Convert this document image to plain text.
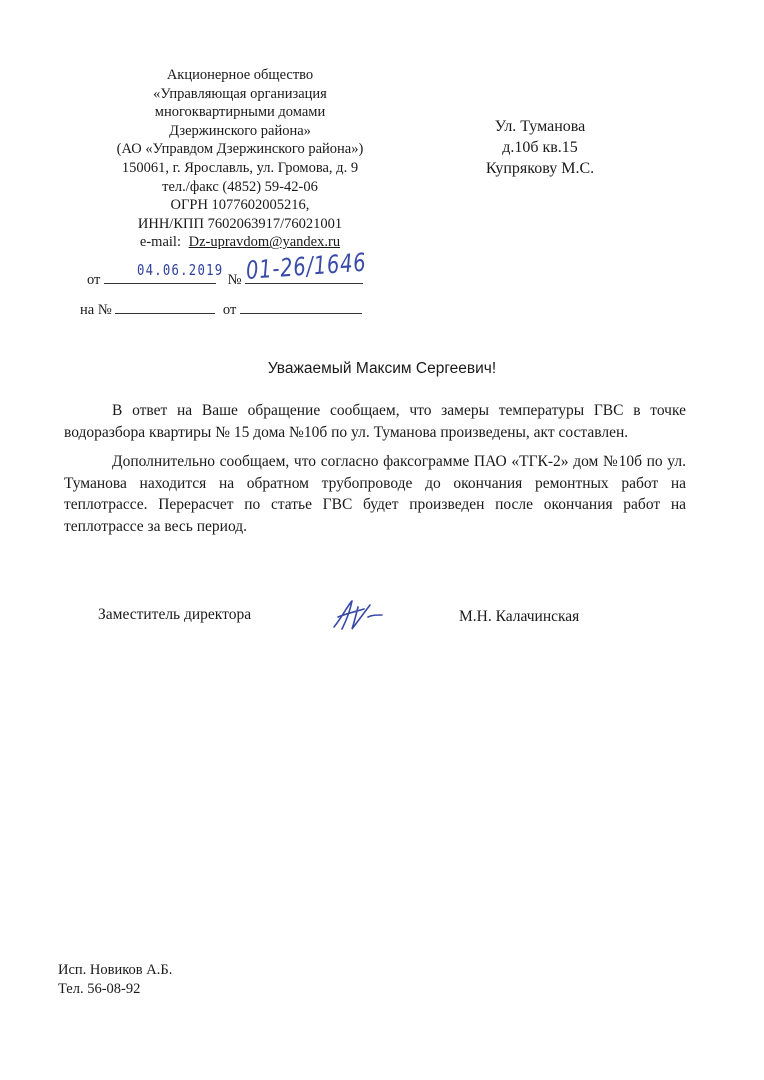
Акционерное общество
«Управляющая организация
многоквартирными домами
Дзержинского района»
(АО «Управдом Дзержинского района»)
150061, г. Ярославль, ул. Громова, д. 9
тел./факс (4852) 59-42-06
ОГРН 1077602005216,
ИНН/КПП 7602063917/76021001
e-mail: Dz-upravdom@yandex.ru
Ул. Туманова
д.10б кв.15
Купрякову М.С.
от	№
04.06.2019 01-26/1646
на №	от
Уважаемый Максим Сергеевич!

В ответ на Ваше обращение сообщаем, что замеры температуры ГВС в точке водоразбора квартиры № 15 дома №10б по ул. Туманова произведены, акт составлен.

Дополнительно сообщаем, что согласно факсограмме ПАО «ТГК-2» дом №10б по ул. Туманова находится на обратном трубопроводе до окончания ремонтных работ на теплотрассе. Перерасчет по статье ГВС будет произведен после окончания работ на теплотрассе за весь период.

Заместитель директора	М.Н. Калачинская
Исп. Новиков А.Б.
Тел. 56-08-92
